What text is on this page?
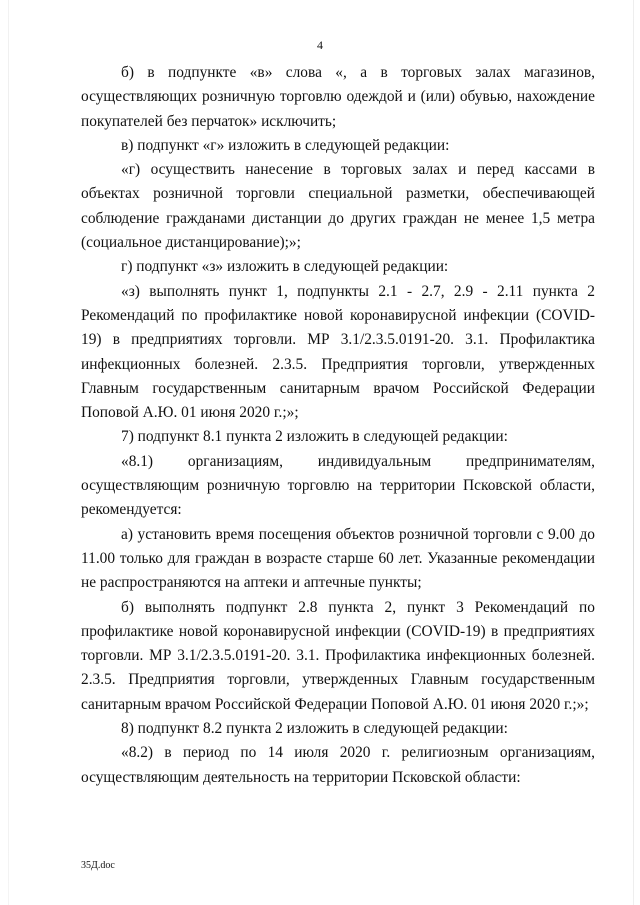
4

б) в подпункте «в» слова «, а в торговых залах магазинов, осуществляющих розничную торговлю одеждой и (или) обувью, нахождение покупателей без перчаток» исключить;

в) подпункт «г» изложить в следующей редакции:

«г) осуществить нанесение в торговых залах и перед кассами в объектах розничной торговли специальной разметки, обеспечивающей соблюдение гражданами дистанции до других граждан не менее 1,5 метра (социальное дистанцирование);»;

г) подпункт «з» изложить в следующей редакции:

«з) выполнять пункт 1, подпункты 2.1 - 2.7, 2.9 - 2.11 пункта 2 Рекомендаций по профилактике новой коронавирусной инфекции (COVID-19) в предприятиях торговли. МР 3.1/2.3.5.0191-20. 3.1. Профилактика инфекционных болезней. 2.3.5. Предприятия торговли, утвержденных Главным государственным санитарным врачом Российской Федерации Поповой А.Ю. 01 июня 2020 г.;»;

7) подпункт 8.1 пункта 2 изложить в следующей редакции:

«8.1) организациям, индивидуальным предпринимателям, осуществляющим розничную торговлю на территории Псковской области, рекомендуется:

а) установить время посещения объектов розничной торговли с 9.00 до 11.00 только для граждан в возрасте старше 60 лет. Указанные рекомендации не распространяются на аптеки и аптечные пункты;

б) выполнять подпункт 2.8 пункта 2, пункт 3 Рекомендаций по профилактике новой коронавирусной инфекции (COVID-19) в предприятиях торговли. МР 3.1/2.3.5.0191-20. 3.1. Профилактика инфекционных болезней. 2.3.5. Предприятия торговли, утвержденных Главным государственным санитарным врачом Российской Федерации Поповой А.Ю. 01 июня 2020 г.;»;

8) подпункт 8.2 пункта 2 изложить в следующей редакции:

«8.2) в период по 14 июля 2020 г. религиозным организациям, осуществляющим деятельность на территории Псковской области:

35Д.doc
